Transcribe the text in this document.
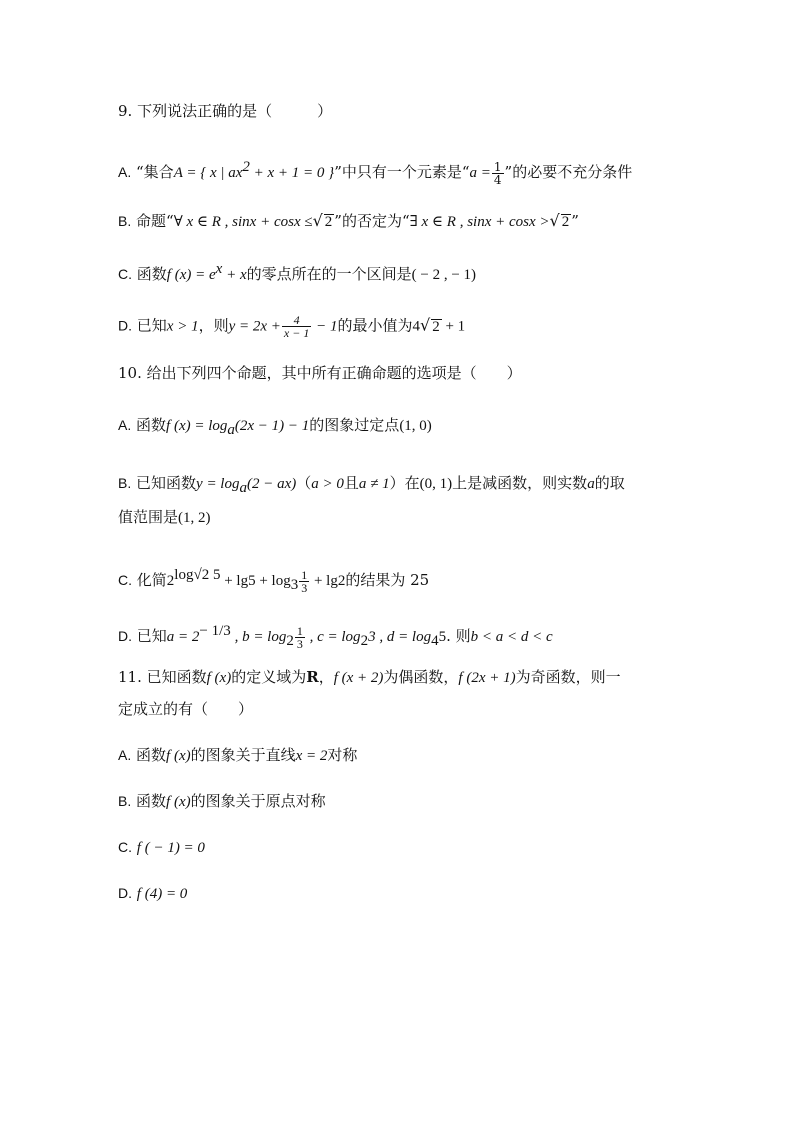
9. 下列说法正确的是（　　　）
A. “集合A = { x | $ax^2 + x + 1 = 0$ }”中只有一个元素是“$a = \frac{1}{4}$ ”的必要不充分条件
B. 命题“∀ x ∈ R , sinx + cosx ≤√ 2 ”的否定为“∃ x ∈ R , sinx + cosx >√ 2 ”
C. 函数f $(x) = e^x + x$的零点所在的一个区间是( − 2 , − 1)
D. 已知x > 1，则$y = 2x + \frac{4}{x - 1} - 1$的最小值为4√ 2 + 1
10. 给出下列四个命题，其中所有正确命题的选项是（　　）
A. 函数f $(x) = \log_a(2x - 1) - 1$的图象过定点(1, 0)
B. 已知函数$y = \log_a(2 - ax)(a > 0$且a ≠ 1）在(0, 1)上是减函数，则实数a的取
值范围是(1, 2)
C. 化简$2^{log√2 5} + \lg 5 + \log_3 \frac{1}{3} + \lg 2$的结果为 25
D. 已知$a = 2^{- 1/3}$ , $b = \log_2 \frac{1}{3}$ , $c = \log_23$ , $d = \log_45$. 则b < a < d < c
11. 已知函数f (x)的定义域为R，f (x + 2)为偶函数，f (2x + 1)为奇函数，则一
定成立的有（　　）
A. 函数f (x)的图象关于直线x = 2对称
B. 函数f (x)的图象关于原点对称
C. f ( − 1) = 0
D. f (4) = 0
